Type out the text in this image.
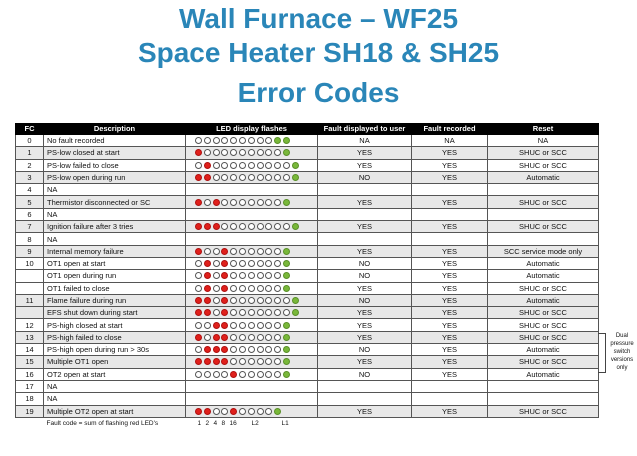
Wall Furnace – WF25
Space Heater SH18 & SH25
Error Codes
FC	Description	LED display flashes	Fault displayed to user	Fault recorded	Reset
0	No fault recorded		NA	NA	NA
1	PS-low closed at start		YES	YES	SHUC or SCC
2	PS-low failed to close		YES	YES	SHUC or SCC
3	PS-low open during run		NO	YES	Automatic
4	NA				
5	Thermistor disconnected or SC		YES	YES	SHUC or SCC
6	NA				
7	Ignition failure after 3 tries		YES	YES	SHUC or SCC
8	NA				
9	Internal memory failure		YES	YES	SCC service mode only
10	OT1 open at start		NO	YES	Automatic
	OT1 open during run		NO	YES	Automatic
	OT1 failed to close		YES	YES	SHUC or SCC
11	Flame failure during run		NO	YES	Automatic
	EFS shut down during start		YES	YES	SHUC or SCC
12	PS-high closed at start		YES	YES	SHUC or SCC
13	PS-high failed to close		YES	YES	SHUC or SCC
14	PS-high open during run > 30s		NO	YES	Automatic
15	Multiple OT1 open		YES	YES	SHUC or SCC
16	OT2 open at start		NO	YES	Automatic
17	NA				
18	NA				
19	Multiple OT2 open at start		YES	YES	SHUC or SCC
	Fault code = sum of flashing red LED's	1 2 4 8 16 L2 L1			
Dual pressure switch versions only
